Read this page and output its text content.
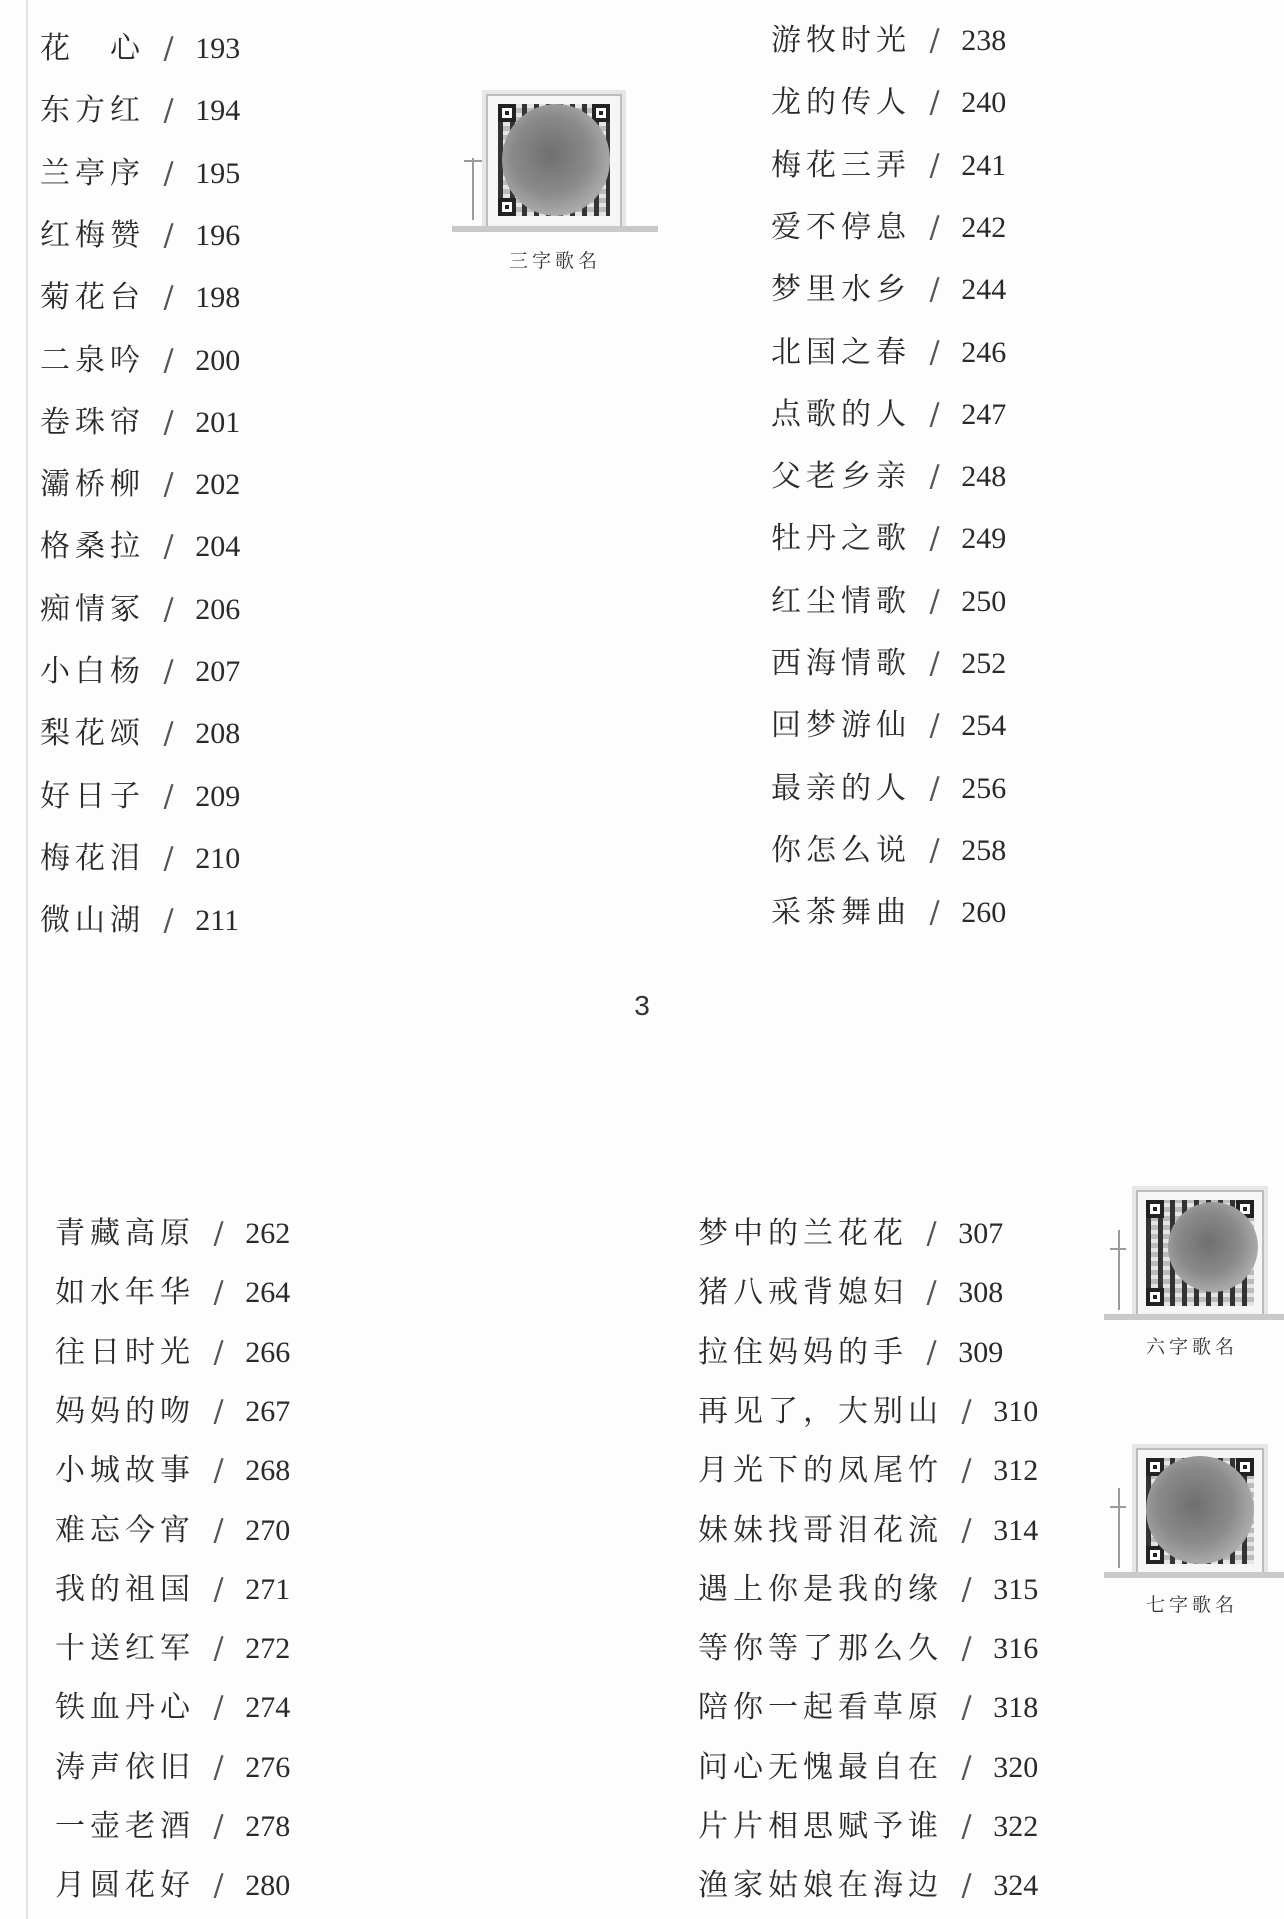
花　心 / 193
东方红 / 194
兰亭序 / 195
红梅赞 / 196
菊花台 / 198
二泉吟 / 200
卷珠帘 / 201
灞桥柳 / 202
格桑拉 / 204
痴情冢 / 206
小白杨 / 207
梨花颂 / 208
好日子 / 209
梅花泪 / 210
微山湖 / 211
游牧时光 / 238
龙的传人 / 240
梅花三弄 / 241
爱不停息 / 242
梦里水乡 / 244
北国之春 / 246
点歌的人 / 247
父老乡亲 / 248
牡丹之歌 / 249
红尘情歌 / 250
西海情歌 / 252
回梦游仙 / 254
最亲的人 / 256
你怎么说 / 258
采茶舞曲 / 260
三字歌名
3
青藏高原 / 262
如水年华 / 264
往日时光 / 266
妈妈的吻 / 267
小城故事 / 268
难忘今宵 / 270
我的祖国 / 271
十送红军 / 272
铁血丹心 / 274
涛声依旧 / 276
一壶老酒 / 278
月圆花好 / 280
梦中的兰花花 / 307
猪八戒背媳妇 / 308
拉住妈妈的手 / 309
再见了，大别山 / 310
月光下的凤尾竹 / 312
妹妹找哥泪花流 / 314
遇上你是我的缘 / 315
等你等了那么久 / 316
陪你一起看草原 / 318
问心无愧最自在 / 320
片片相思赋予谁 / 322
渔家姑娘在海边 / 324
六字歌名
七字歌名
